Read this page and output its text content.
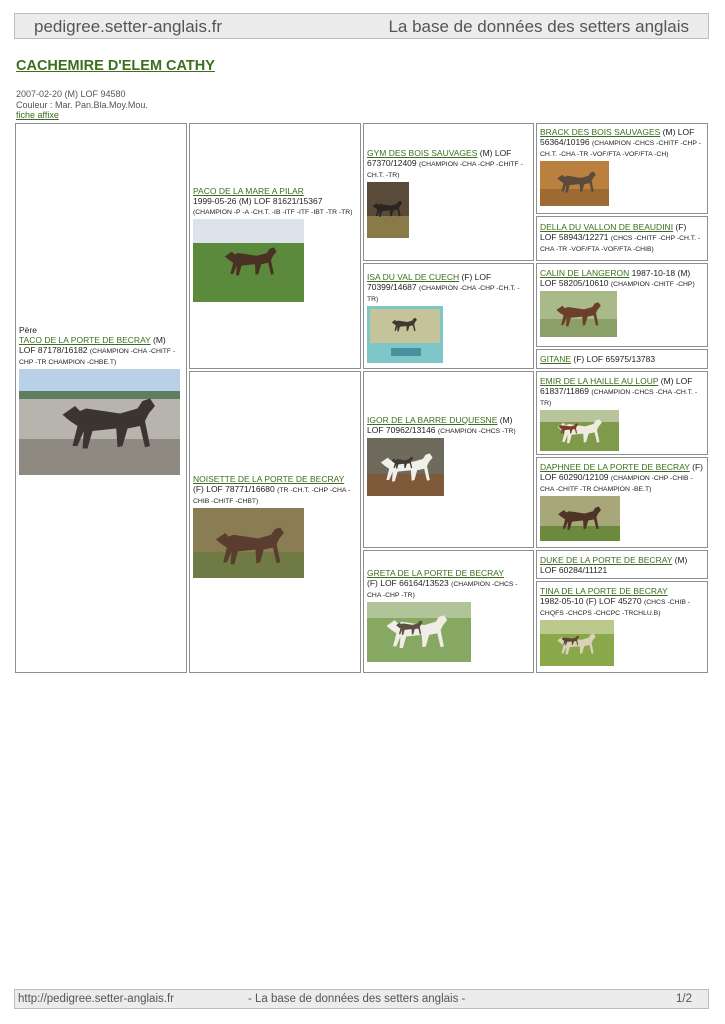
pedigree.setter-anglais.fr	La base de données des setters anglais
CACHEMIRE D'ELEM CATHY
2007-02-20 (M) LOF 94580
Couleur : Mar. Pan.Bla.Moy.Mou.
fiche affixe
Père
TACO DE LA PORTE DE BECRAY (M)
LOF 87178/16182 (CHAMPION -CHA -CHITF -CHP -TR CHAMPION -CHBE.T)
PACO DE LA MARE A PILAR
1999-05-26 (M) LOF 81621/15367
(CHAMPION -P -A -CH.T. -IB -ITF -ITF -IBT -TR -TR)
NOISETTE DE LA PORTE DE BECRAY (F) LOF 78771/16680 (TR -CH.T. -CHP -CHA -CHIB -CHITF -CHBT)
GYM DES BOIS SAUVAGES (M) LOF 67370/12409 (CHAMPION -CHA -CHP -CHITF -CH.T. -TR)
ISA DU VAL DE CUECH (F) LOF 70399/14687 (CHAMPION -CHA -CHP -CH.T. -TR)
IGOR DE LA BARRE DUQUESNE (M) LOF 70962/13146 (CHAMPION -CHCS -TR)
GRETA DE LA PORTE DE BECRAY
(F) LOF 66164/13523 (CHAMPION -CHCS -CHA -CHP -TR)
BRACK DES BOIS SAUVAGES (M) LOF 56364/10196 (CHAMPION -CHCS -CHITF -CHP -CH.T. -CHA -TR -VOF/FTA -VOF/FTA -CH)
DELLA DU VALLON DE BEAUDINI (F) LOF 58943/12271 (CHCS -CHITF -CHP -CH.T. -CHA -TR -VOF/FTA -VOF/FTA -CHIB)
CALIN DE LANGERON 1987-10-18 (M) LOF 58205/10610 (CHAMPION -CHITF -CHP)
GITANE (F) LOF 65975/13783
EMIR DE LA HAILLE AU LOUP (M) LOF 61837/11869 (CHAMPION -CHCS -CHA -CH.T. -TR)
DAPHNEE DE LA PORTE DE BECRAY (F) LOF 60290/12109 (CHAMPION -CHP -CHIB -CHA -CHITF -TR CHAMPION -BE.T)
DUKE DE LA PORTE DE BECRAY (M) LOF 60284/11121
TINA DE LA PORTE DE BECRAY
1982-05-10 (F) LOF 45270 (CHCS -CHIB -CHQFS -CHCPS -CHCPC -TRCHLU.B)
http://pedigree.setter-anglais.fr	- La base de données des setters anglais -	1/2
